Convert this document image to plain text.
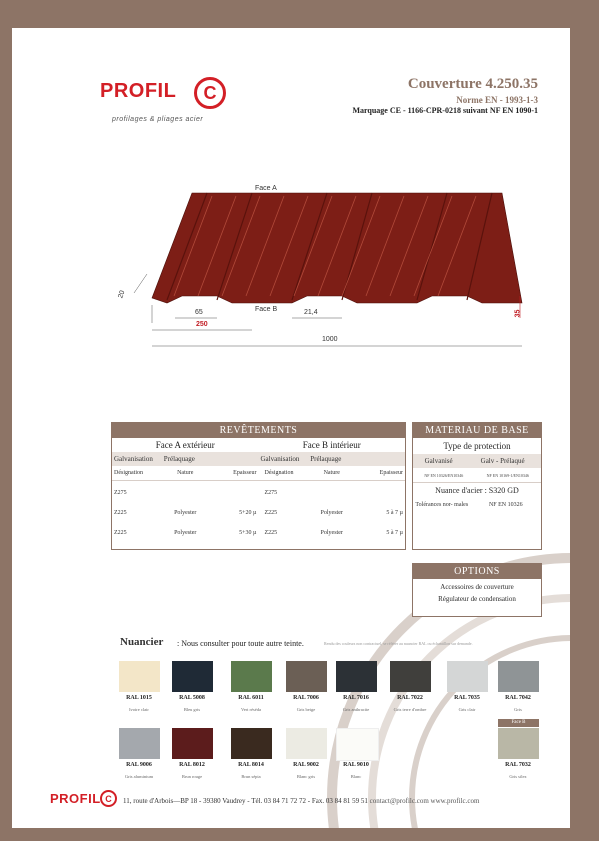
PROFIL	C
profilages & pliages acier
Couverture 4.250.35
Norme EN - 1993-1-3
Marquage CE - 1166-CPR-0218 suivant NF EN 1090-1
Face A
Face B
20
65
250
21,4	35
1000
REVÊTEMENTS
Face A extérieur	Face B intérieur
Galvanisation	Prélaquage	Galvanisation	Prélaquage
Désignation	Nature	Epaisseur	Désignation	Nature	Epaisseur
Z275			Z275		
Z225	Polyester	5+20 µ	Z225	Polyester	5 à 7 µ
Z225	Polyester	5+30 µ	Z225	Polyester	5 à 7 µ
MATERIAU DE BASE
Type de protection
Galvanisé	Galv - Prélaqué
NF EN 10326/EN10346	NF EN 10169-1/EN10346
Nuance d'acier : S320 GD
Tolérances nor- males	NF EN 10326
OPTIONS
Accessoires de couverture
Régulateur de condensation
Nuancier : Nous consulter pour toute autre teinte.	Rendu des couleurs non contractuel, se référer au nuancier RAL ou échantillon sur demande.
RAL 1015
Ivoire clair
RAL 5008
Bleu gris
RAL 6011
Vert réséda
RAL 7006
Gris beige
RAL 7016
Gris anthracite
RAL 7022
Gris terre d'ombre
RAL 7035
Gris clair
RAL 7042
Gris
RAL 9006
Gris aluminium
RAL 8012
Brun rouge
RAL 8014
Brun sépia
RAL 9002
Blanc gris
RAL 9010
Blanc
RAL 7032
Gris silex
Face B
PROFIL C	11, route d'Arbois—BP 18 - 39380 Vaudrey - Tél. 03 84 71 72 72 - Fax. 03 84 81 59 51 contact@profilc.com www.profilc.com
